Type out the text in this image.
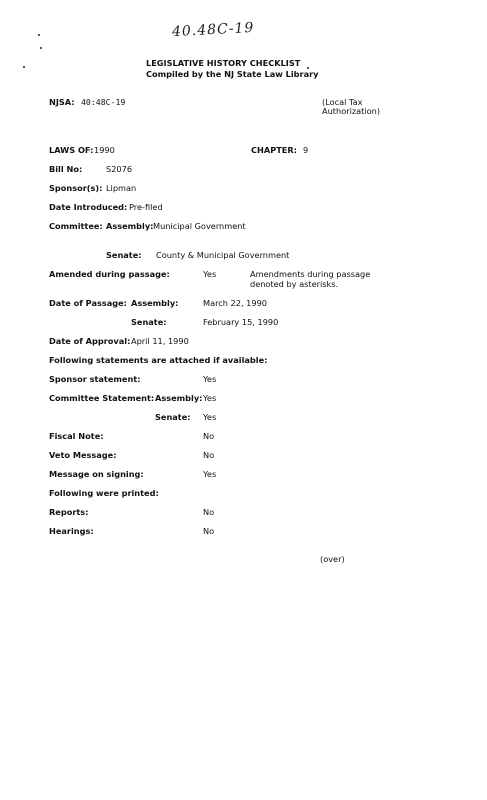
40.48C-19
LEGISLATIVE HISTORY CHECKLIST
Compiled by the NJ State Law Library
NJSA: 40:48C-19	(Local Tax
Authorization)
LAWS OF: 1990	CHAPTER: 9
Bill No:	S2076
Sponsor(s): Lipman
Date Introduced: Pre-filed
Committee: Assembly: Municipal Government
Senate: County & Municipal Government
Amended during passage:	Yes	Amendments during passage
denoted by asterisks.
Date of Passage: Assembly:	March 22, 1990
Senate:	February 15, 1990
Date of Approval: April 11, 1990
Following statements are attached if available:
Sponsor statement:	Yes
Committee Statement: Assembly: Yes
Senate: Yes
Fiscal Note:	No
Veto Message:	No
Message on signing:	Yes
Following were printed:
Reports:	No
Hearings:	No
(over)
